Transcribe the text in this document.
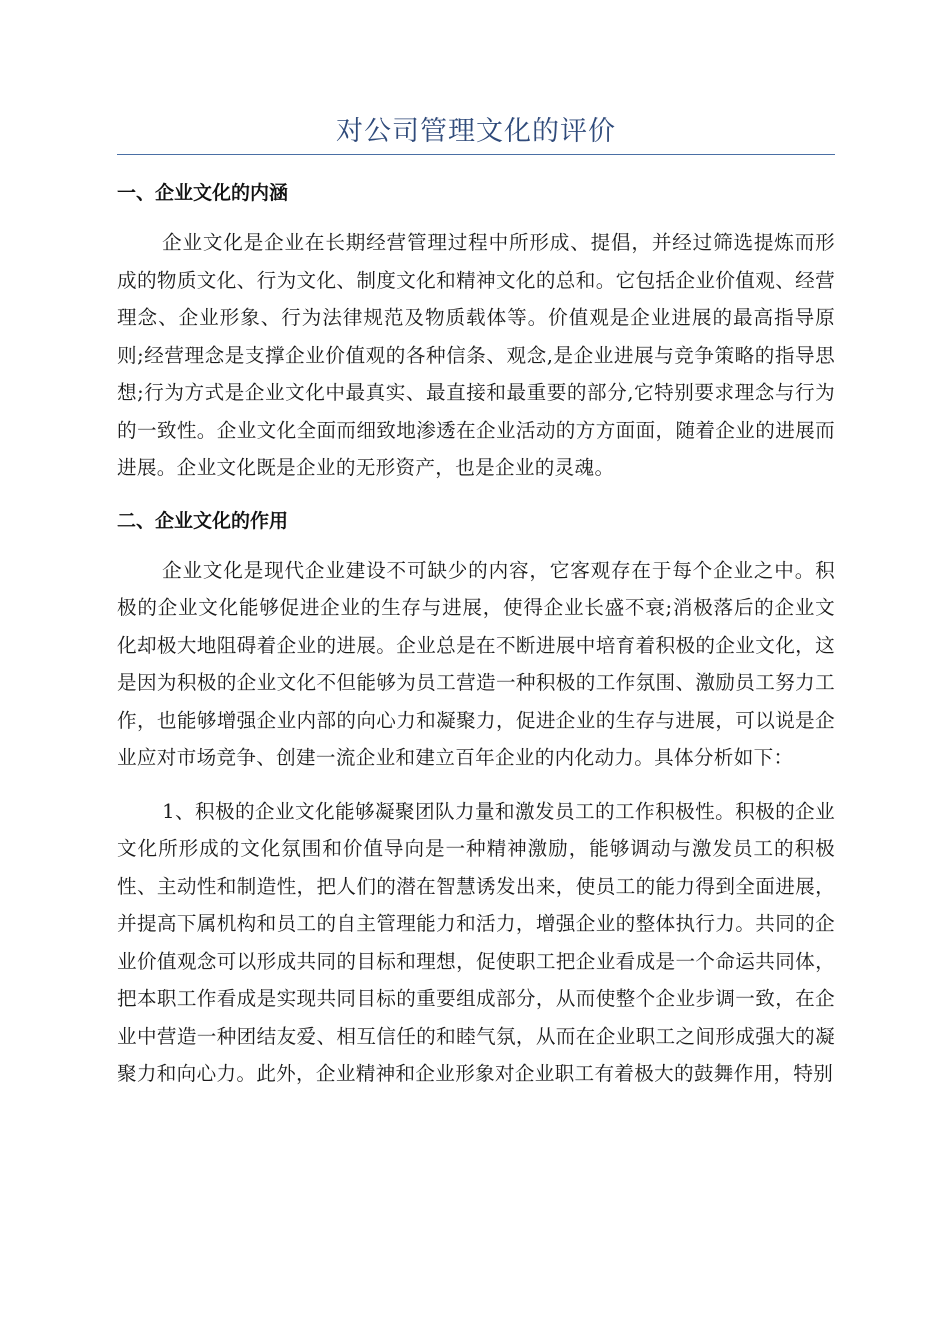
对公司管理文化的评价
一、企业文化的内涵

企业文化是企业在长期经营管理过程中所形成、提倡，并经过筛选提炼而形成的物质文化、行为文化、制度文化和精神文化的总和。它包括企业价值观、经营理念、企业形象、行为法律规范及物质载体等。价值观是企业进展的最高指导原则;经营理念是支撑企业价值观的各种信条、观念,是企业进展与竞争策略的指导思想;行为方式是企业文化中最真实、最直接和最重要的部分,它特别要求理念与行为的一致性。企业文化全面而细致地渗透在企业活动的方方面面，随着企业的进展而进展。企业文化既是企业的无形资产，也是企业的灵魂。

二、企业文化的作用

企业文化是现代企业建设不可缺少的内容，它客观存在于每个企业之中。积极的企业文化能够促进企业的生存与进展，使得企业长盛不衰;消极落后的企业文化却极大地阻碍着企业的进展。企业总是在不断进展中培育着积极的企业文化，这是因为积极的企业文化不但能够为员工营造一种积极的工作氛围、激励员工努力工作，也能够增强企业内部的向心力和凝聚力，促进企业的生存与进展，可以说是企业应对市场竞争、创建一流企业和建立百年企业的内化动力。具体分析如下：

1、积极的企业文化能够凝聚团队力量和激发员工的工作积极性。积极的企业文化所形成的文化氛围和价值导向是一种精神激励，能够调动与激发员工的积极性、主动性和制造性，把人们的潜在智慧诱发出来，使员工的能力得到全面进展，并提高下属机构和员工的自主管理能力和活力，增强企业的整体执行力。共同的企业价值观念可以形成共同的目标和理想，促使职工把企业看成是一个命运共同体，把本职工作看成是实现共同目标的重要组成部分，从而使整个企业步调一致，在企业中营造一种团结友爱、相互信任的和睦气氛，从而在企业职工之间形成强大的凝聚力和向心力。此外，企业精神和企业形象对企业职工有着极大的鼓舞作用，特别
